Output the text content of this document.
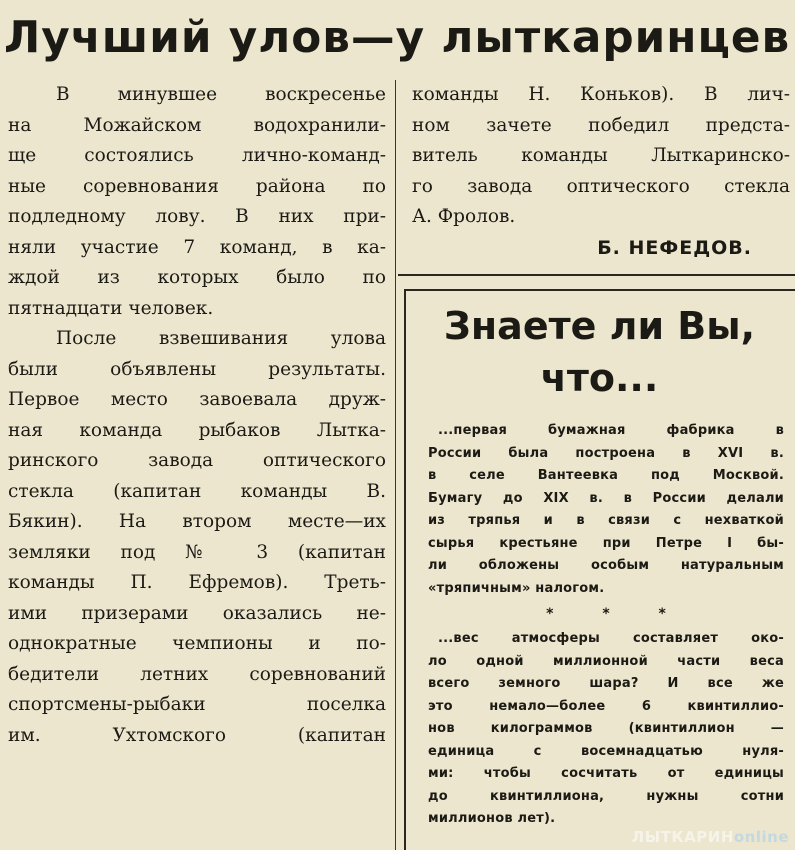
Лучший улов—у лыткаринцев

В минувшее воскресенье

на Можайском водохранили-

ще состоялись лично-команд-

ные соревнования района по

подледному лову. В них при-

няли участие 7 команд, в ка-

ждой из которых было по

пятнадцати человек.

После взвешивания улова

были объявлены результаты.

Первое место завоевала друж-

ная команда рыбаков Лытка-

ринского завода оптического

стекла (капитан команды В.

Бякин). На втором месте—их

земляки под № 3 (капитан

команды П. Ефремов). Треть-

ими призерами оказались не-

однократные чемпионы и по-

бедители летних соревнований

спортсмены-рыбаки поселка

им. Ухтомского (капитан

команды Н. Коньков). В лич-

ном зачете победил предста-

витель команды Лыткаринско-

го завода оптического стекла

А. Фролов.

Б. НЕФЕДОВ.
Знаете ли Вы,
что...

...первая бумажная фабрика в

России была построена в XVI в.

в селе Вантеевка под Москвой.

Бумагу до XIX в. в России делали

из тряпья и в связи с нехваткой

сырья крестьяне при Петре I бы-

ли обложены особым натуральным

«тряпичным» налогом.

* * *

...вес атмосферы составляет око-

ло одной миллионной части веса

всего земного шара? И все же

это немало—более 6 квинтиллио-

нов килограммов (квинтиллион —

единица с восемнадцатью нуля-

ми: чтобы сосчитать от единицы

до квинтиллиона, нужны сотни

миллионов лет).

ЛЫТКАРИНonline
